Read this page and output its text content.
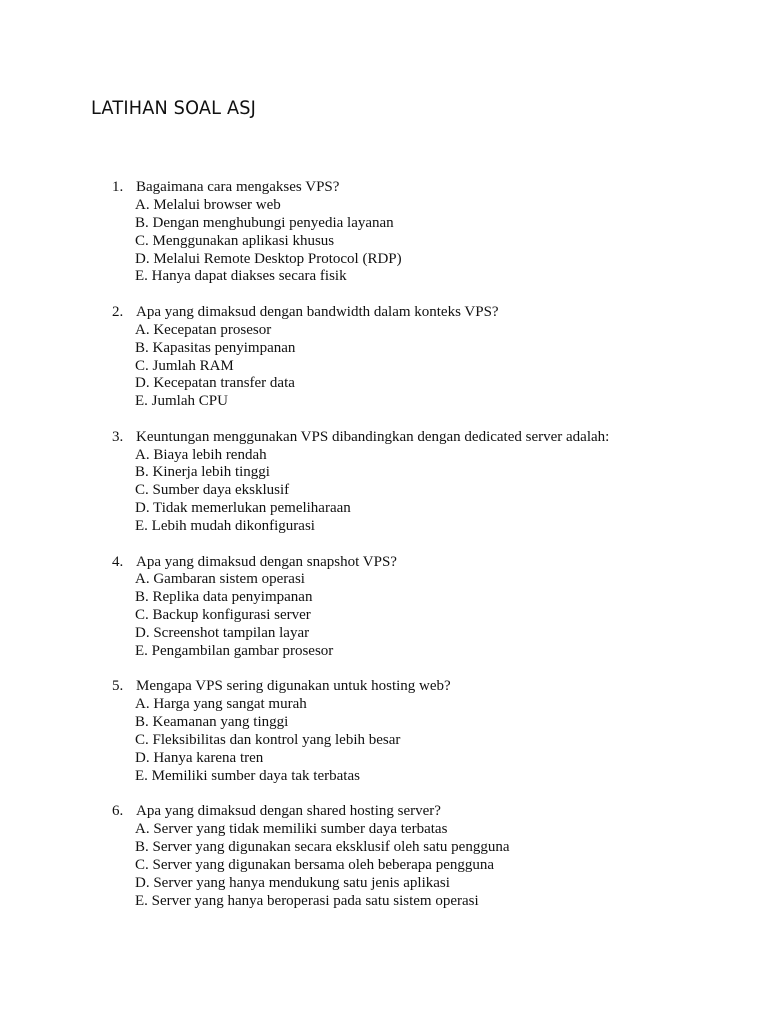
LATIHAN SOAL ASJ
1. Bagaimana cara mengakses VPS?
A. Melalui browser web
B. Dengan menghubungi penyedia layanan
C. Menggunakan aplikasi khusus
D. Melalui Remote Desktop Protocol (RDP)
E. Hanya dapat diakses secara fisik
2. Apa yang dimaksud dengan bandwidth dalam konteks VPS?
A. Kecepatan prosesor
B. Kapasitas penyimpanan
C. Jumlah RAM
D. Kecepatan transfer data
E. Jumlah CPU
3. Keuntungan menggunakan VPS dibandingkan dengan dedicated server adalah:
A. Biaya lebih rendah
B. Kinerja lebih tinggi
C. Sumber daya eksklusif
D. Tidak memerlukan pemeliharaan
E. Lebih mudah dikonfigurasi
4. Apa yang dimaksud dengan snapshot VPS?
A. Gambaran sistem operasi
B. Replika data penyimpanan
C. Backup konfigurasi server
D. Screenshot tampilan layar
E. Pengambilan gambar prosesor
5. Mengapa VPS sering digunakan untuk hosting web?
A. Harga yang sangat murah
B. Keamanan yang tinggi
C. Fleksibilitas dan kontrol yang lebih besar
D. Hanya karena tren
E. Memiliki sumber daya tak terbatas
6. Apa yang dimaksud dengan shared hosting server?
A. Server yang tidak memiliki sumber daya terbatas
B. Server yang digunakan secara eksklusif oleh satu pengguna
C. Server yang digunakan bersama oleh beberapa pengguna
D. Server yang hanya mendukung satu jenis aplikasi
E. Server yang hanya beroperasi pada satu sistem operasi
